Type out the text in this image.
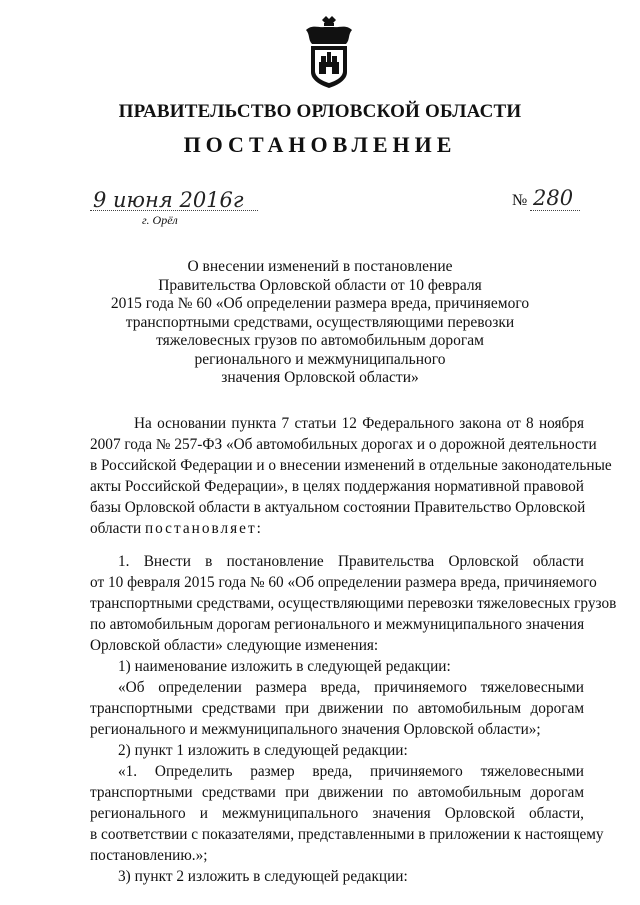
ПРАВИТЕЛЬСТВО ОРЛОВСКОЙ ОБЛАСТИ
ПОСТАНОВЛЕНИЕ
9 июня 2016г	№ 280
г. Орёл
О внесении изменений в постановление
Правительства Орловской области от 10 февраля
2015 года № 60 «Об определении размера вреда, причиняемого
транспортными средствами, осуществляющими перевозки
тяжеловесных грузов по автомобильным дорогам
регионального и межмуниципального
значения Орловской области»
На основании пункта 7 статьи 12 Федерального закона от 8 ноября
2007 года № 257-ФЗ «Об автомобильных дорогах и о дорожной деятельности
в Российской Федерации и о внесении изменений в отдельные законодательные
акты Российской Федерации», в целях поддержания нормативной правовой
базы Орловской области в актуальном состоянии Правительство Орловской
области постановляет:
1. Внести в постановление Правительства Орловской области
от 10 февраля 2015 года № 60 «Об определении размера вреда, причиняемого
транспортными средствами, осуществляющими перевозки тяжеловесных грузов
по автомобильным дорогам регионального и межмуниципального значения
Орловской области» следующие изменения:
1) наименование изложить в следующей редакции:
«Об определении размера вреда, причиняемого тяжеловесными
транспортными средствами при движении по автомобильным дорогам
регионального и межмуниципального значения Орловской области»;
2) пункт 1 изложить в следующей редакции:
«1. Определить размер вреда, причиняемого тяжеловесными
транспортными средствами при движении по автомобильным дорогам
регионального и межмуниципального значения Орловской области,
в соответствии с показателями, представленными в приложении к настоящему
постановлению.»;
3) пункт 2 изложить в следующей редакции:
